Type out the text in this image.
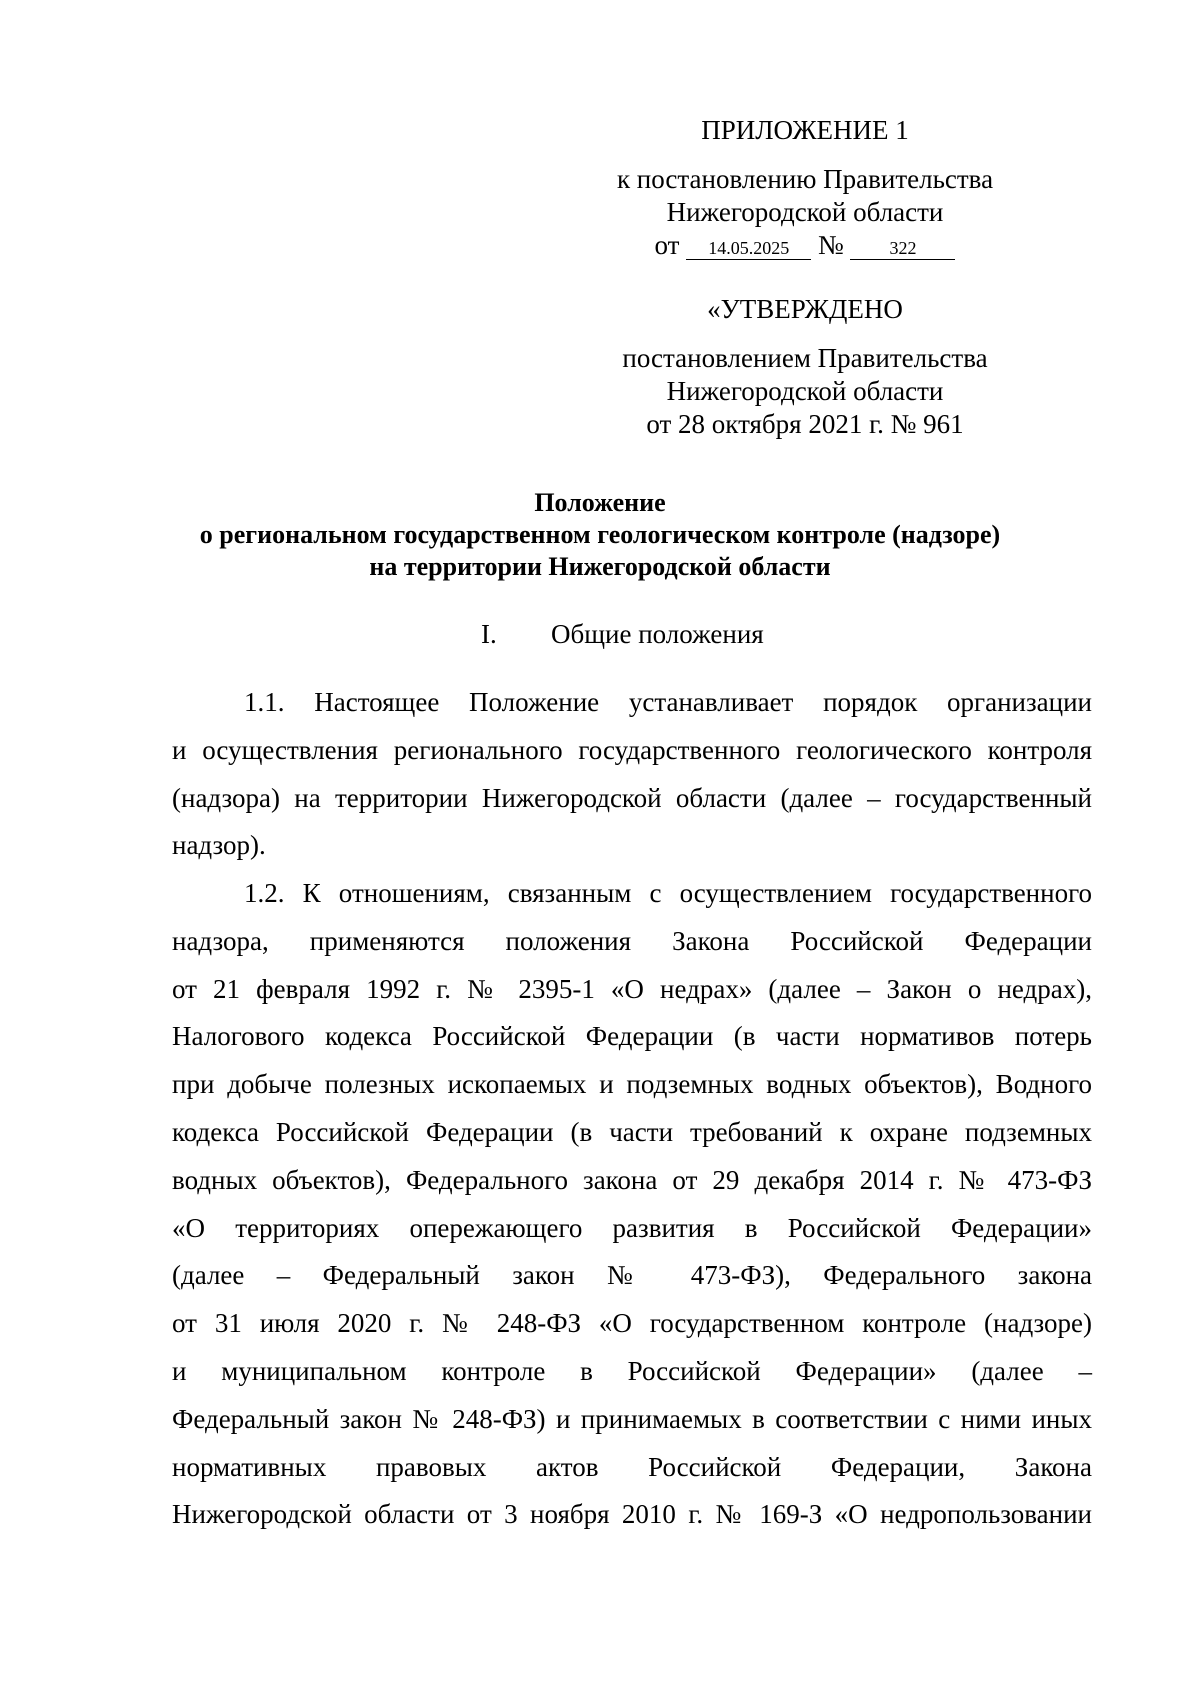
ПРИЛОЖЕНИЕ 1
к постановлению Правительства
Нижегородской области
от 14.05.2025 №	322
«УТВЕРЖДЕНО
постановлением Правительства
Нижегородской области
от 28 октября 2021 г. № 961
Положение
о региональном государственном геологическом контроле (надзоре)
на территории Нижегородской области
I. Общие положения
1.1. Настоящее Положение устанавливает порядок организации
и осуществления регионального государственного геологического контроля
(надзора) на территории Нижегородской области (далее – государственный
надзор).
1.2. К отношениям, связанным с осуществлением государственного
надзора, применяются положения Закона Российской Федерации
от 21 февраля 1992 г. № 2395-1 «О недрах» (далее – Закон о недрах),
Налогового кодекса Российской Федерации (в части нормативов потерь
при добыче полезных ископаемых и подземных водных объектов), Водного
кодекса Российской Федерации (в части требований к охране подземных
водных объектов), Федерального закона от 29 декабря 2014 г. № 473-ФЗ
«О территориях опережающего развития в Российской Федерации»
(далее – Федеральный закон № 473-ФЗ), Федерального закона
от 31 июля 2020 г. № 248-ФЗ «О государственном контроле (надзоре)
и муниципальном контроле в Российской Федерации» (далее –
Федеральный закон № 248-ФЗ) и принимаемых в соответствии с ними иных
нормативных правовых актов Российской Федерации, Закона
Нижегородской области от 3 ноября 2010 г. № 169-З «О недропользовании
